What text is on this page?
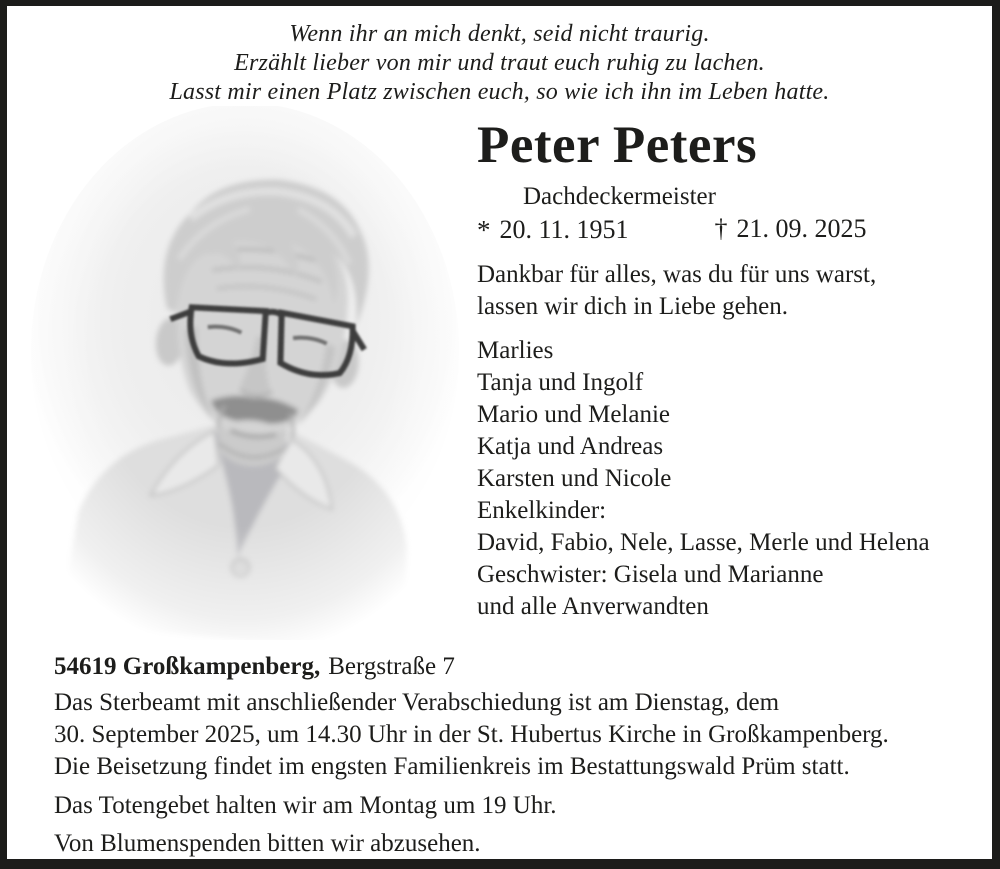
Wenn ihr an mich denkt, seid nicht traurig.
Erzählt lieber von mir und traut euch ruhig zu lachen.
Lasst mir einen Platz zwischen euch, so wie ich ihn im Leben hatte.
Peter Peters
Dachdeckermeister
* 20. 11. 1951	† 21. 09. 2025
Dankbar für alles, was du für uns warst,
lassen wir dich in Liebe gehen.
Marlies
Tanja und Ingolf
Mario und Melanie
Katja und Andreas
Karsten und Nicole
Enkelkinder:
David, Fabio, Nele, Lasse, Merle und Helena
Geschwister: Gisela und Marianne
und alle Anverwandten
54619 Großkampenberg, Bergstraße 7
Das Sterbeamt mit anschließender Verabschiedung ist am Dienstag, dem
30. September 2025, um 14.30 Uhr in der St. Hubertus Kirche in Großkampenberg.
Die Beisetzung findet im engsten Familienkreis im Bestattungswald Prüm statt.
Das Totengebet halten wir am Montag um 19 Uhr.
Von Blumenspenden bitten wir abzusehen.
